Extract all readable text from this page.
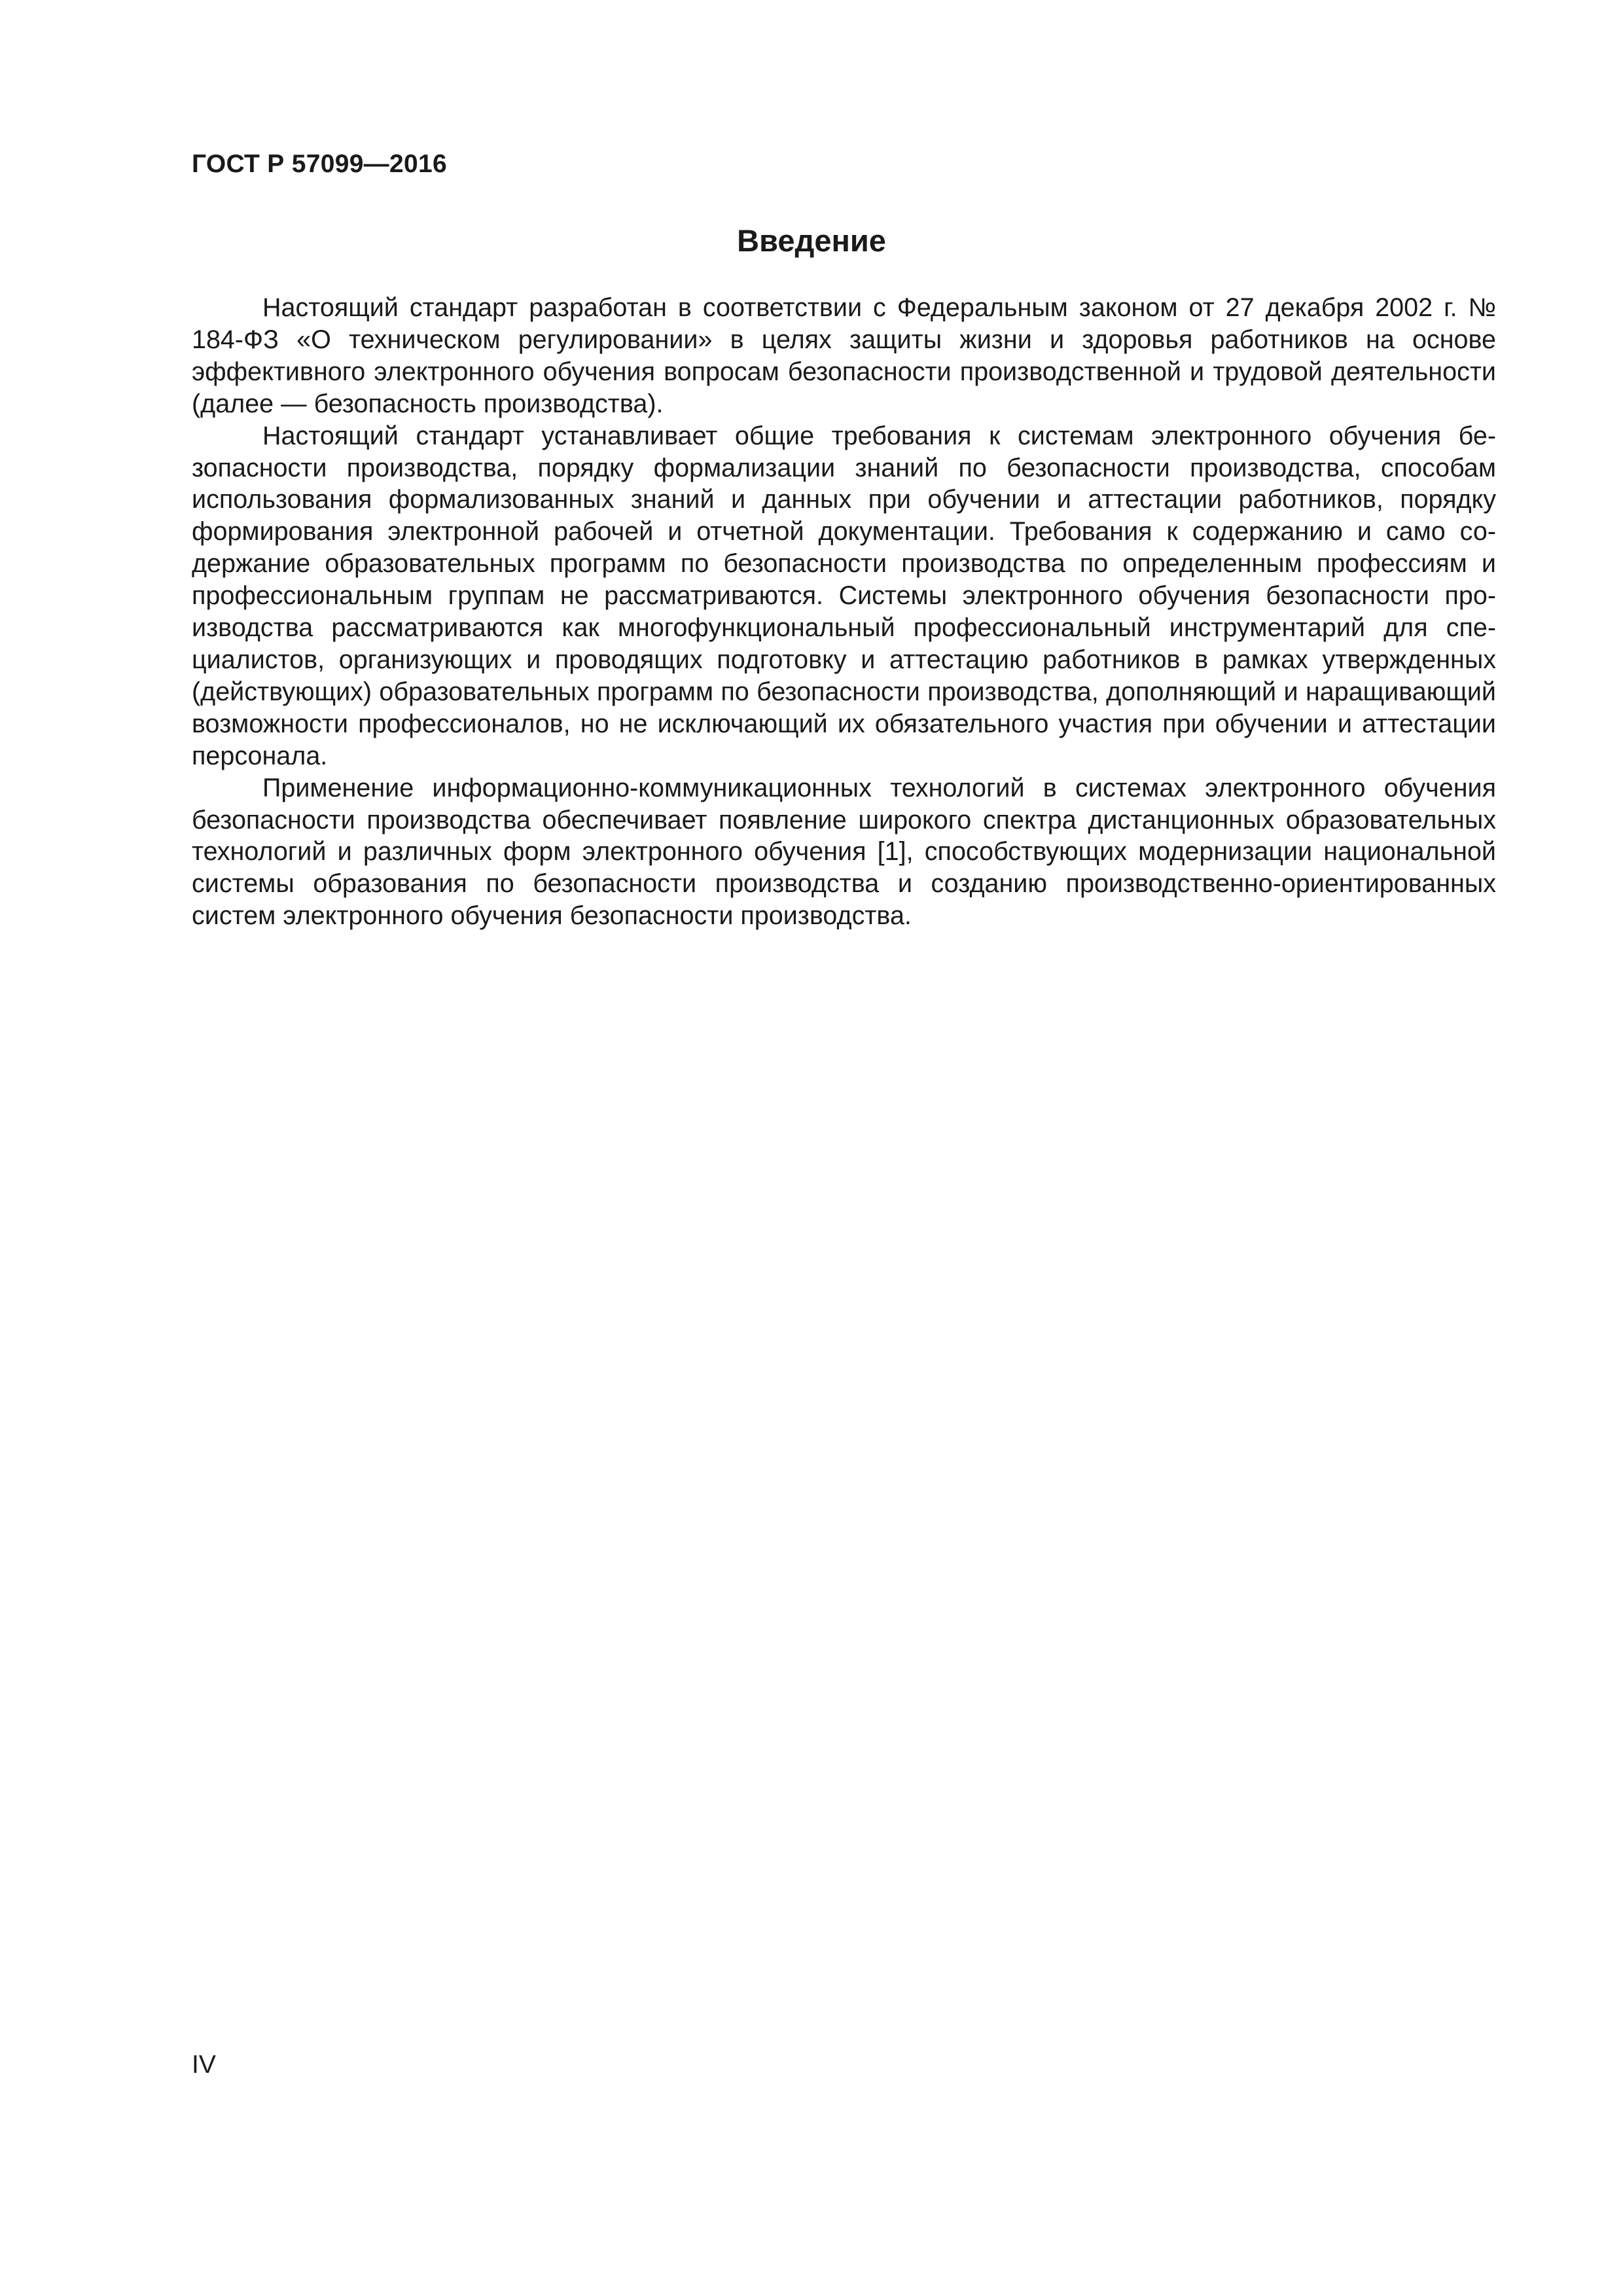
ГОСТ Р 57099—2016

Введение

Настоящий стандарт разработан в соответствии с Федеральным законом от 27 декабря 2002 г. № 184-ФЗ «О техническом регулировании» в целях защиты жизни и здоровья работников на основе эффективного электронного обучения вопросам безопасности производственной и трудовой деятельности (далее — безопасность производства).

Настоящий стандарт устанавливает общие требования к системам электронного обучения безопасности производства, порядку формализации знаний по безопасности производства, способам использования формализованных знаний и данных при обучении и аттестации работников, порядку формирования электронной рабочей и отчетной документации. Требования к содержанию и само содержание образовательных программ по безопасности производства по определенным профессиям и профессиональным группам не рассматриваются. Системы электронного обучения безопасности производства рассматриваются как многофункциональный профессиональный инструментарий для специалистов, организующих и проводящих подготовку и аттестацию работников в рамках утвержденных (действующих) образовательных программ по безопасности производства, дополняющий и наращивающий возможности профессионалов, но не исключающий их обязательного участия при обучении и аттестации персонала.

Применение информационно-коммуникационных технологий в системах электронного обучения безопасности производства обеспечивает появление широкого спектра дистанционных образовательных технологий и различных форм электронного обучения [1], способствующих модернизации национальной системы образования по безопасности производства и созданию производственно-ориентированных систем электронного обучения безопасности производства.

IV
